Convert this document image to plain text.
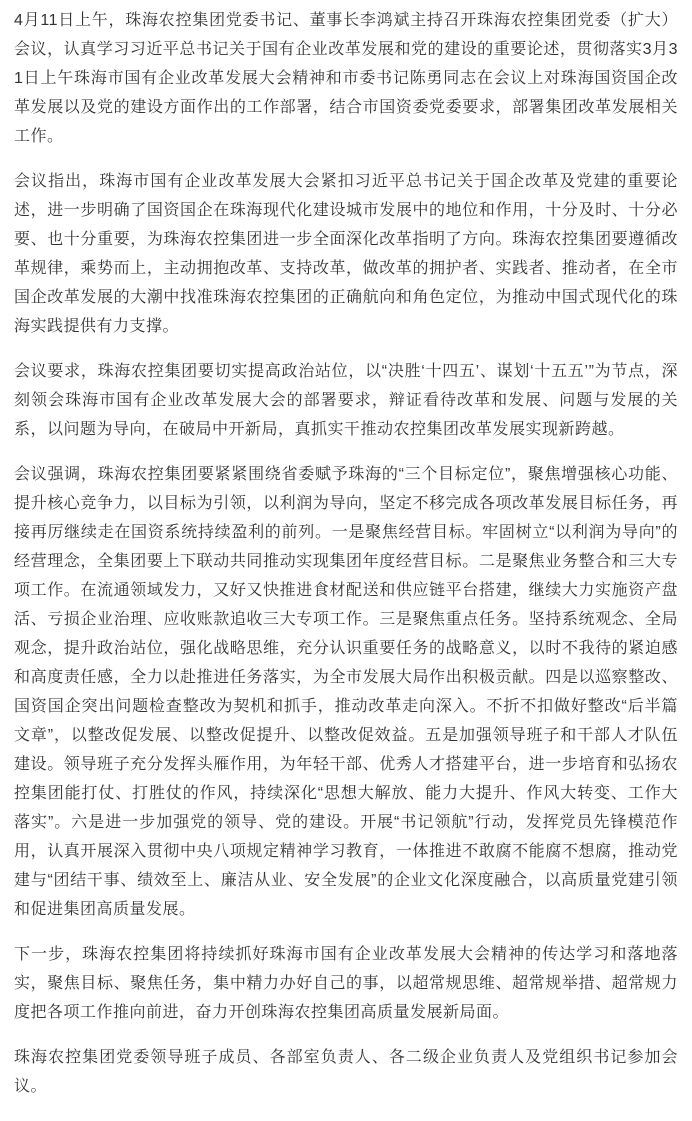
4月11日上午，珠海农控集团党委书记、董事长李鸿斌主持召开珠海农控集团党委（扩大）会议，认真学习习近平总书记关于国有企业改革发展和党的建设的重要论述，贯彻落实3月31日上午珠海市国有企业改革发展大会精神和市委书记陈勇同志在会议上对珠海国资国企改革发展以及党的建设方面作出的工作部署，结合市国资委党委要求，部署集团改革发展相关工作。

会议指出，珠海市国有企业改革发展大会紧扣习近平总书记关于国企改革及党建的重要论述，进一步明确了国资国企在珠海现代化建设城市发展中的地位和作用，十分及时、十分必要、也十分重要，为珠海农控集团进一步全面深化改革指明了方向。珠海农控集团要遵循改革规律，乘势而上，主动拥抱改革、支持改革，做改革的拥护者、实践者、推动者，在全市国企改革发展的大潮中找准珠海农控集团的正确航向和角色定位，为推动中国式现代化的珠海实践提供有力支撑。

会议要求，珠海农控集团要切实提高政治站位，以“决胜‘十四五’、谋划‘十五五’”为节点，深刻领会珠海市国有企业改革发展大会的部署要求，辩证看待改革和发展、问题与发展的关系，以问题为导向，在破局中开新局，真抓实干推动农控集团改革发展实现新跨越。

会议强调，珠海农控集团要紧紧围绕省委赋予珠海的“三个目标定位”，聚焦增强核心功能、提升核心竞争力，以目标为引领，以利润为导向，坚定不移完成各项改革发展目标任务，再接再厉继续走在国资系统持续盈利的前列。一是聚焦经营目标。牢固树立“以利润为导向”的经营理念，全集团要上下联动共同推动实现集团年度经营目标。二是聚焦业务整合和三大专项工作。在流通领域发力，又好又快推进食材配送和供应链平台搭建，继续大力实施资产盘活、亏损企业治理、应收账款追收三大专项工作。三是聚焦重点任务。坚持系统观念、全局观念，提升政治站位，强化战略思维，充分认识重要任务的战略意义，以时不我待的紧迫感和高度责任感，全力以赴推进任务落实，为全市发展大局作出积极贡献。四是以巡察整改、国资国企突出问题检查整改为契机和抓手，推动改革走向深入。不折不扣做好整改“后半篇文章”，以整改促发展、以整改促提升、以整改促效益。五是加强领导班子和干部人才队伍建设。领导班子充分发挥头雁作用，为年轻干部、优秀人才搭建平台，进一步培育和弘扬农控集团能打仗、打胜仗的作风，持续深化“思想大解放、能力大提升、作风大转变、工作大落实”。六是进一步加强党的领导、党的建设。开展“书记领航”行动，发挥党员先锋模范作用，认真开展深入贯彻中央八项规定精神学习教育，一体推进不敢腐不能腐不想腐，推动党建与“团结干事、绩效至上、廉洁从业、安全发展”的企业文化深度融合，以高质量党建引领和促进集团高质量发展。

下一步，珠海农控集团将持续抓好珠海市国有企业改革发展大会精神的传达学习和落地落实，聚焦目标、聚焦任务，集中精力办好自己的事，以超常规思维、超常规举措、超常规力度把各项工作推向前进，奋力开创珠海农控集团高质量发展新局面。

珠海农控集团党委领导班子成员、各部室负责人、各二级企业负责人及党组织书记参加会议。
